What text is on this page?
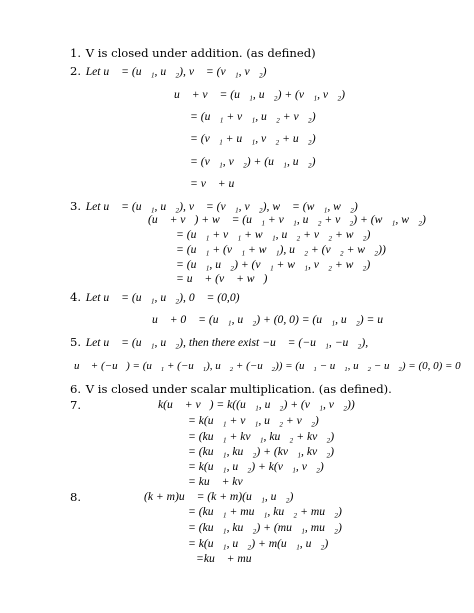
1. V is closed under addition. (as defined)
2. Let u⃗ = (u⃗₁, u⃗₂), v⃗ = (v⃗₁, v⃗₂)
u⃗ + v⃗ = (u⃗₁, u⃗₂) + (v⃗₁, v⃗₂)
= (u⃗₁ + v⃗₁, u⃗₂ + v⃗₂)
= (v⃗₁ + u⃗₁, v⃗₂ + u⃗₂)
= (v⃗₁, v⃗₂) + (u⃗₁, u⃗₂)
= v⃗ + u⃗
3. Let u⃗ = (u⃗₁, u⃗₂), v⃗ = (v⃗₁, v⃗₂), w⃗ = (w⃗₁, w⃗₂)
(u⃗ + v⃗) + w⃗ = (u⃗₁ + v⃗₁, u⃗₂ + v⃗₂) + (w⃗₁, w⃗₂)
= (u⃗₁ + v⃗₁ + w⃗₁, u⃗₂ + v⃗₂ + w⃗₂)
= (u⃗₁ + (v⃗₁ + w⃗₁), u⃗₂ + (v⃗₂ + w⃗₂))
= (u⃗₁, u⃗₂) + (v⃗₁ + w⃗₁, v⃗₂ + w⃗₂)
= u⃗ + (v⃗ + w⃗)
4. Let u⃗ = (u⃗₁, u⃗₂), 0⃗ = (0,0)
u⃗ + 0⃗ = (u⃗₁, u⃗₂) + (0, 0) = (u⃗₁, u⃗₂) = u⃗
5. Let u⃗ = (u⃗₁, u⃗₂), then there exist −u⃗ = (−u⃗₁, −u⃗₂),
u⃗ + (−u⃗) = (u⃗₁ + (−u⃗₁), u⃗₂ + (−u⃗₂)) = (u⃗₁ − u⃗₁, u⃗₂ − u⃗₂) = (0, 0) = 0⃗
6. V is closed under scalar multiplication. (as defined).
7.	k(u⃗ + v⃗) = k((u⃗₁, u⃗₂) + (v⃗₁, v⃗₂))
= k(u⃗₁ + v⃗₁, u⃗₂ + v⃗₂)
= (ku⃗₁ + kv⃗₁, ku⃗₂ + kv⃗₂)
= (ku⃗₁, ku⃗₂) + (kv⃗₁, kv⃗₂)
= k(u⃗₁, u⃗₂) + k(v⃗₁, v⃗₂)
= ku⃗ + kv⃗
8.	(k + m)u⃗ = (k + m)(u⃗₁, u⃗₂)
= (ku⃗₁ + mu⃗₁, ku⃗₂ + mu⃗₂)
= (ku⃗₁, ku⃗₂) + (mu⃗₁, mu⃗₂)
= k(u⃗₁, u⃗₂) + m(u⃗₁, u⃗₂)
=ku⃗ + mu⃗
